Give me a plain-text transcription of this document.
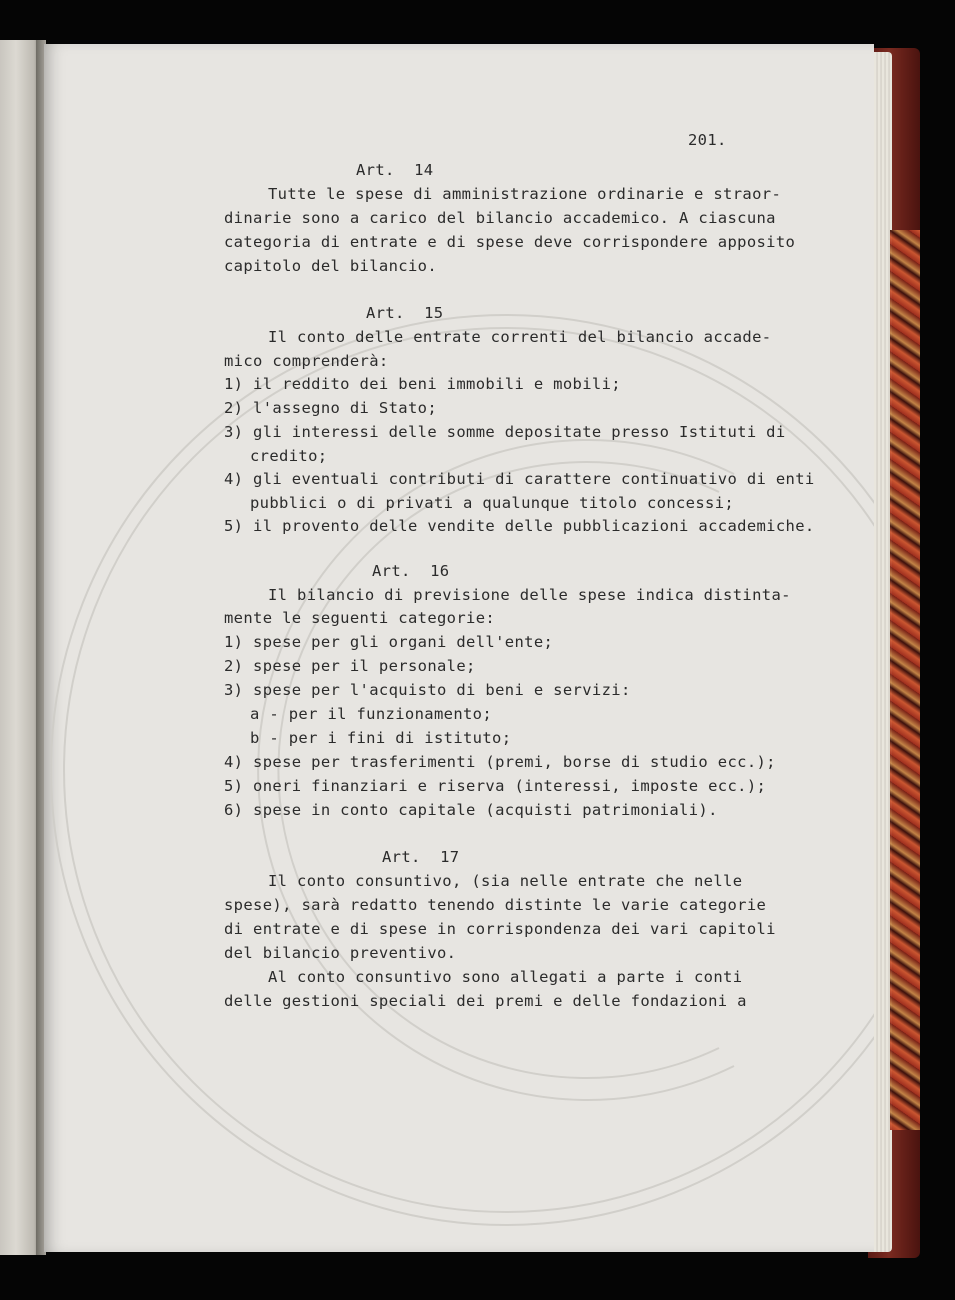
201.
Art.  14
Tutte le spese di amministrazione ordinarie e straor-
dinarie sono a carico del bilancio accademico. A ciascuna
categoria di entrate e di spese deve corrispondere apposito
capitolo del bilancio.
Art.  15
Il conto delle entrate correnti del bilancio accade-
mico comprenderà:
1) il reddito dei beni immobili e mobili;
2) l'assegno di Stato;
3) gli interessi delle somme depositate presso Istituti di
credito;
4) gli eventuali contributi di carattere continuativo di enti
pubblici o di privati a qualunque titolo concessi;
5) il provento delle vendite delle pubblicazioni accademiche.
Art.  16
Il bilancio di previsione delle spese indica distinta-
mente le seguenti categorie:
1) spese per gli organi dell'ente;
2) spese per il personale;
3) spese per l'acquisto di beni e servizi:
a - per il funzionamento;
b - per i fini di istituto;
4) spese per trasferimenti (premi, borse di studio ecc.);
5) oneri finanziari e riserva (interessi, imposte ecc.);
6) spese in conto capitale (acquisti patrimoniali).
Art.  17
Il conto consuntivo, (sia nelle entrate che nelle
spese), sarà redatto tenendo distinte le varie categorie
di entrate e di spese in corrispondenza dei vari capitoli
del bilancio preventivo.
Al conto consuntivo sono allegati a parte i conti
delle gestioni speciali dei premi e delle fondazioni a
